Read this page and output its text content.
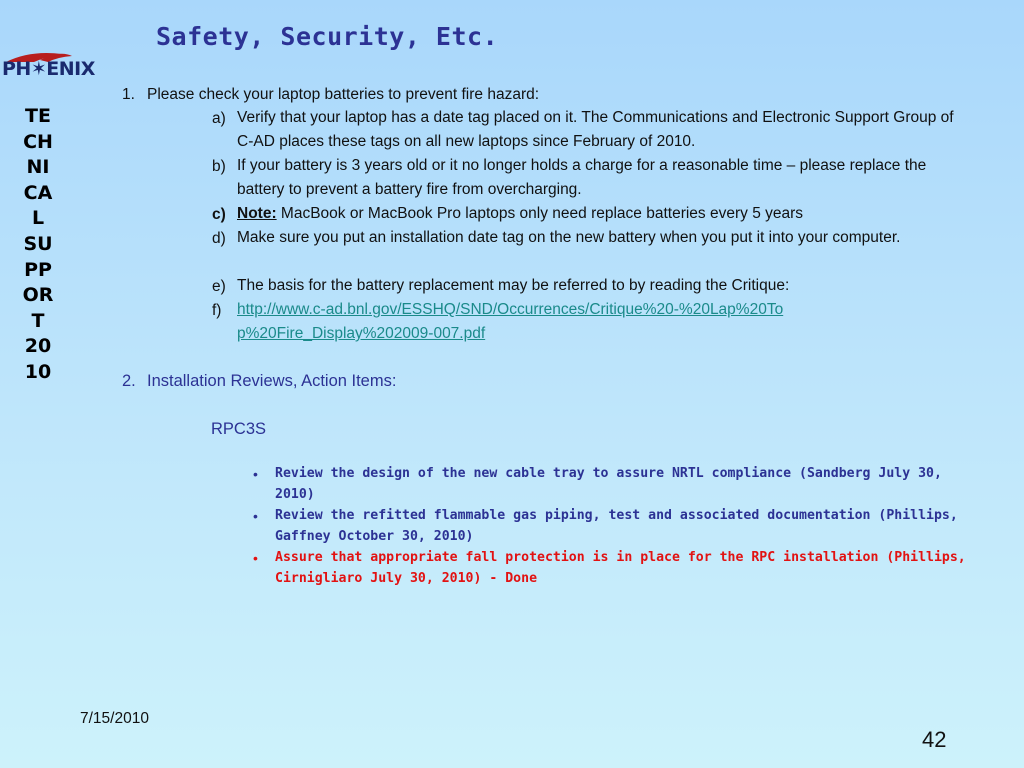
PH✶ENIX
TECHNICAL SUPPORT 2010
Safety, Security, Etc.
1. Please check your laptop batteries to prevent fire hazard:
a) Verify that your laptop has a date tag placed on it. The Communications and Electronic Support Group of C-AD places these tags on all new laptops since February of 2010.
b) If your battery is 3 years old or it no longer holds a charge for a reasonable time – please replace the battery to prevent a battery fire from overcharging.
c) Note: MacBook or MacBook Pro laptops only need replace batteries every 5 years
d) Make sure you put an installation date tag on the new battery when you put it into your computer.
e) The basis for the battery replacement may be referred to by reading the Critique:
f) http://www.c-ad.bnl.gov/ESSHQ/SND/Occurrences/Critique%20-%20Lap%20Top%20Fire_Display%202009-007.pdf
2. Installation Reviews, Action Items:
RPC3S
• Review the design of the new cable tray to assure NRTL compliance (Sandberg July 30, 2010)
• Review the refitted flammable gas piping, test and associated documentation (Phillips, Gaffney October 30, 2010)
• Assure that appropriate fall protection is in place for the RPC installation (Phillips, Cirnigliaro July 30, 2010) - Done
7/15/2010
42
